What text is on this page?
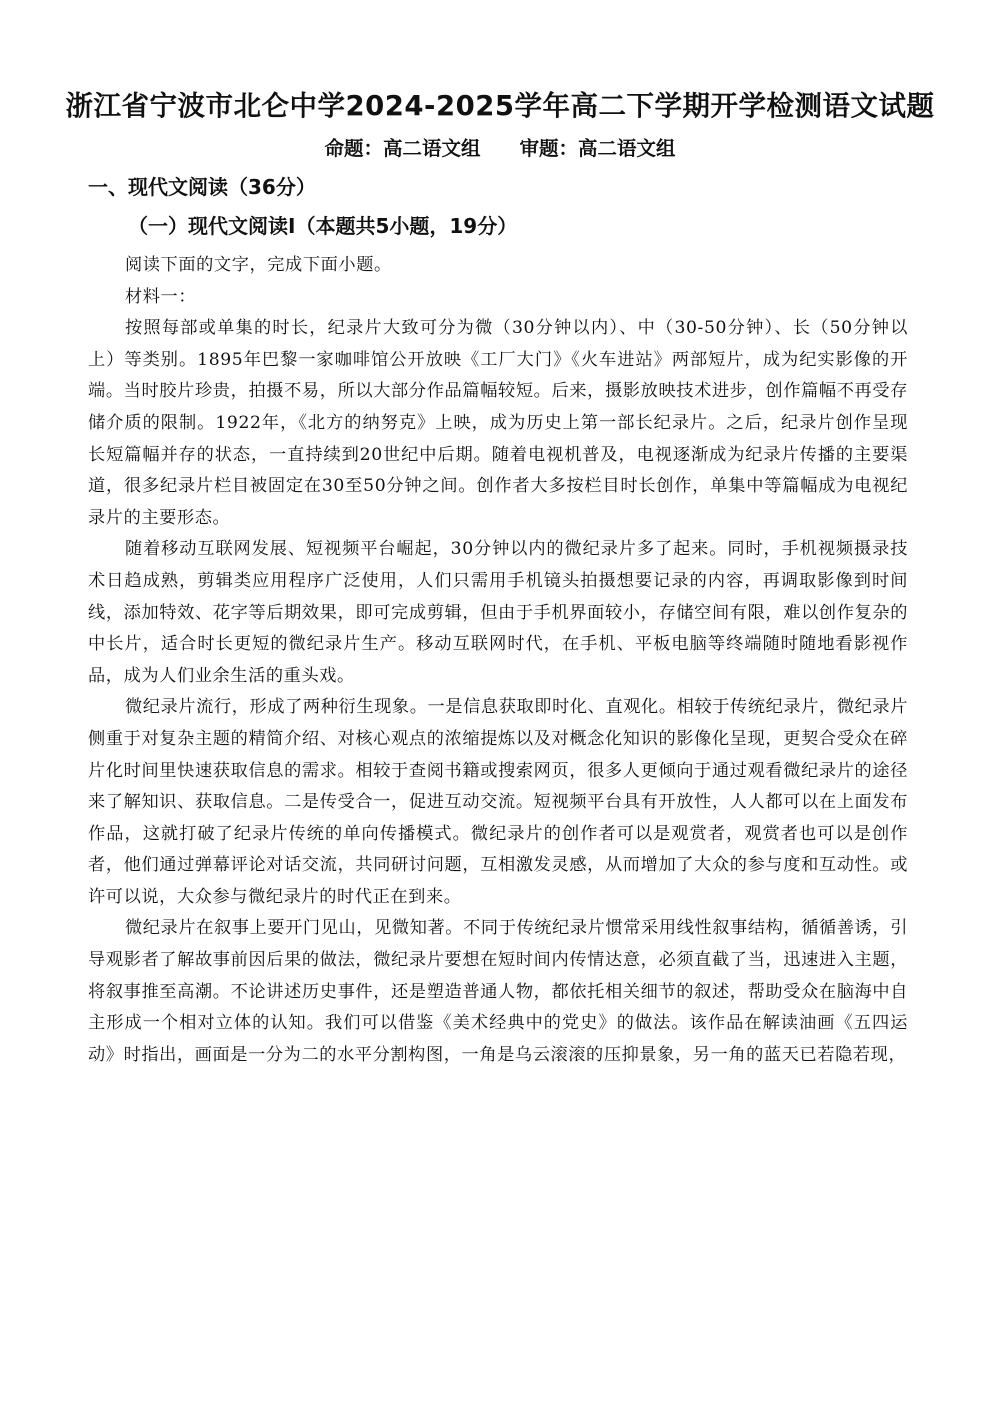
浙江省宁波市北仑中学2024-2025学年高二下学期开学检测语文试题
命题：高二语文组　　审题：高二语文组
一、现代文阅读（36分）
（一）现代文阅读Ⅰ（本题共5小题，19分）

阅读下面的文字，完成下面小题。

材料一：

按照每部或单集的时长，纪录片大致可分为微（30分钟以内）、中（30-50分钟）、长（50分钟以上）等类别。1895年巴黎一家咖啡馆公开放映《工厂大门》《火车进站》两部短片，成为纪实影像的开端。当时胶片珍贵，拍摄不易，所以大部分作品篇幅较短。后来，摄影放映技术进步，创作篇幅不再受存储介质的限制。1922年，《北方的纳努克》上映，成为历史上第一部长纪录片。之后，纪录片创作呈现长短篇幅并存的状态，一直持续到20世纪中后期。随着电视机普及，电视逐渐成为纪录片传播的主要渠道，很多纪录片栏目被固定在30至50分钟之间。创作者大多按栏目时长创作，单集中等篇幅成为电视纪录片的主要形态。

随着移动互联网发展、短视频平台崛起，30分钟以内的微纪录片多了起来。同时，手机视频摄录技术日趋成熟，剪辑类应用程序广泛使用，人们只需用手机镜头拍摄想要记录的内容，再调取影像到时间线，添加特效、花字等后期效果，即可完成剪辑，但由于手机界面较小，存储空间有限，难以创作复杂的中长片，适合时长更短的微纪录片生产。移动互联网时代，在手机、平板电脑等终端随时随地看影视作品，成为人们业余生活的重头戏。

微纪录片流行，形成了两种衍生现象。一是信息获取即时化、直观化。相较于传统纪录片，微纪录片侧重于对复杂主题的精简介绍、对核心观点的浓缩提炼以及对概念化知识的影像化呈现，更契合受众在碎片化时间里快速获取信息的需求。相较于查阅书籍或搜索网页，很多人更倾向于通过观看微纪录片的途径来了解知识、获取信息。二是传受合一，促进互动交流。短视频平台具有开放性，人人都可以在上面发布作品，这就打破了纪录片传统的单向传播模式。微纪录片的创作者可以是观赏者，观赏者也可以是创作者，他们通过弹幕评论对话交流，共同研讨问题，互相激发灵感，从而增加了大众的参与度和互动性。或许可以说，大众参与微纪录片的时代正在到来。

微纪录片在叙事上要开门见山，见微知著。不同于传统纪录片惯常采用线性叙事结构，循循善诱，引导观影者了解故事前因后果的做法，微纪录片要想在短时间内传情达意，必须直截了当，迅速进入主题，将叙事推至高潮。不论讲述历史事件，还是塑造普通人物，都依托相关细节的叙述，帮助受众在脑海中自主形成一个相对立体的认知。我们可以借鉴《美术经典中的党史》的做法。该作品在解读油画《五四运动》时指出，画面是一分为二的水平分割构图，一角是乌云滚滚的压抑景象，另一角的蓝天已若隐若现，
